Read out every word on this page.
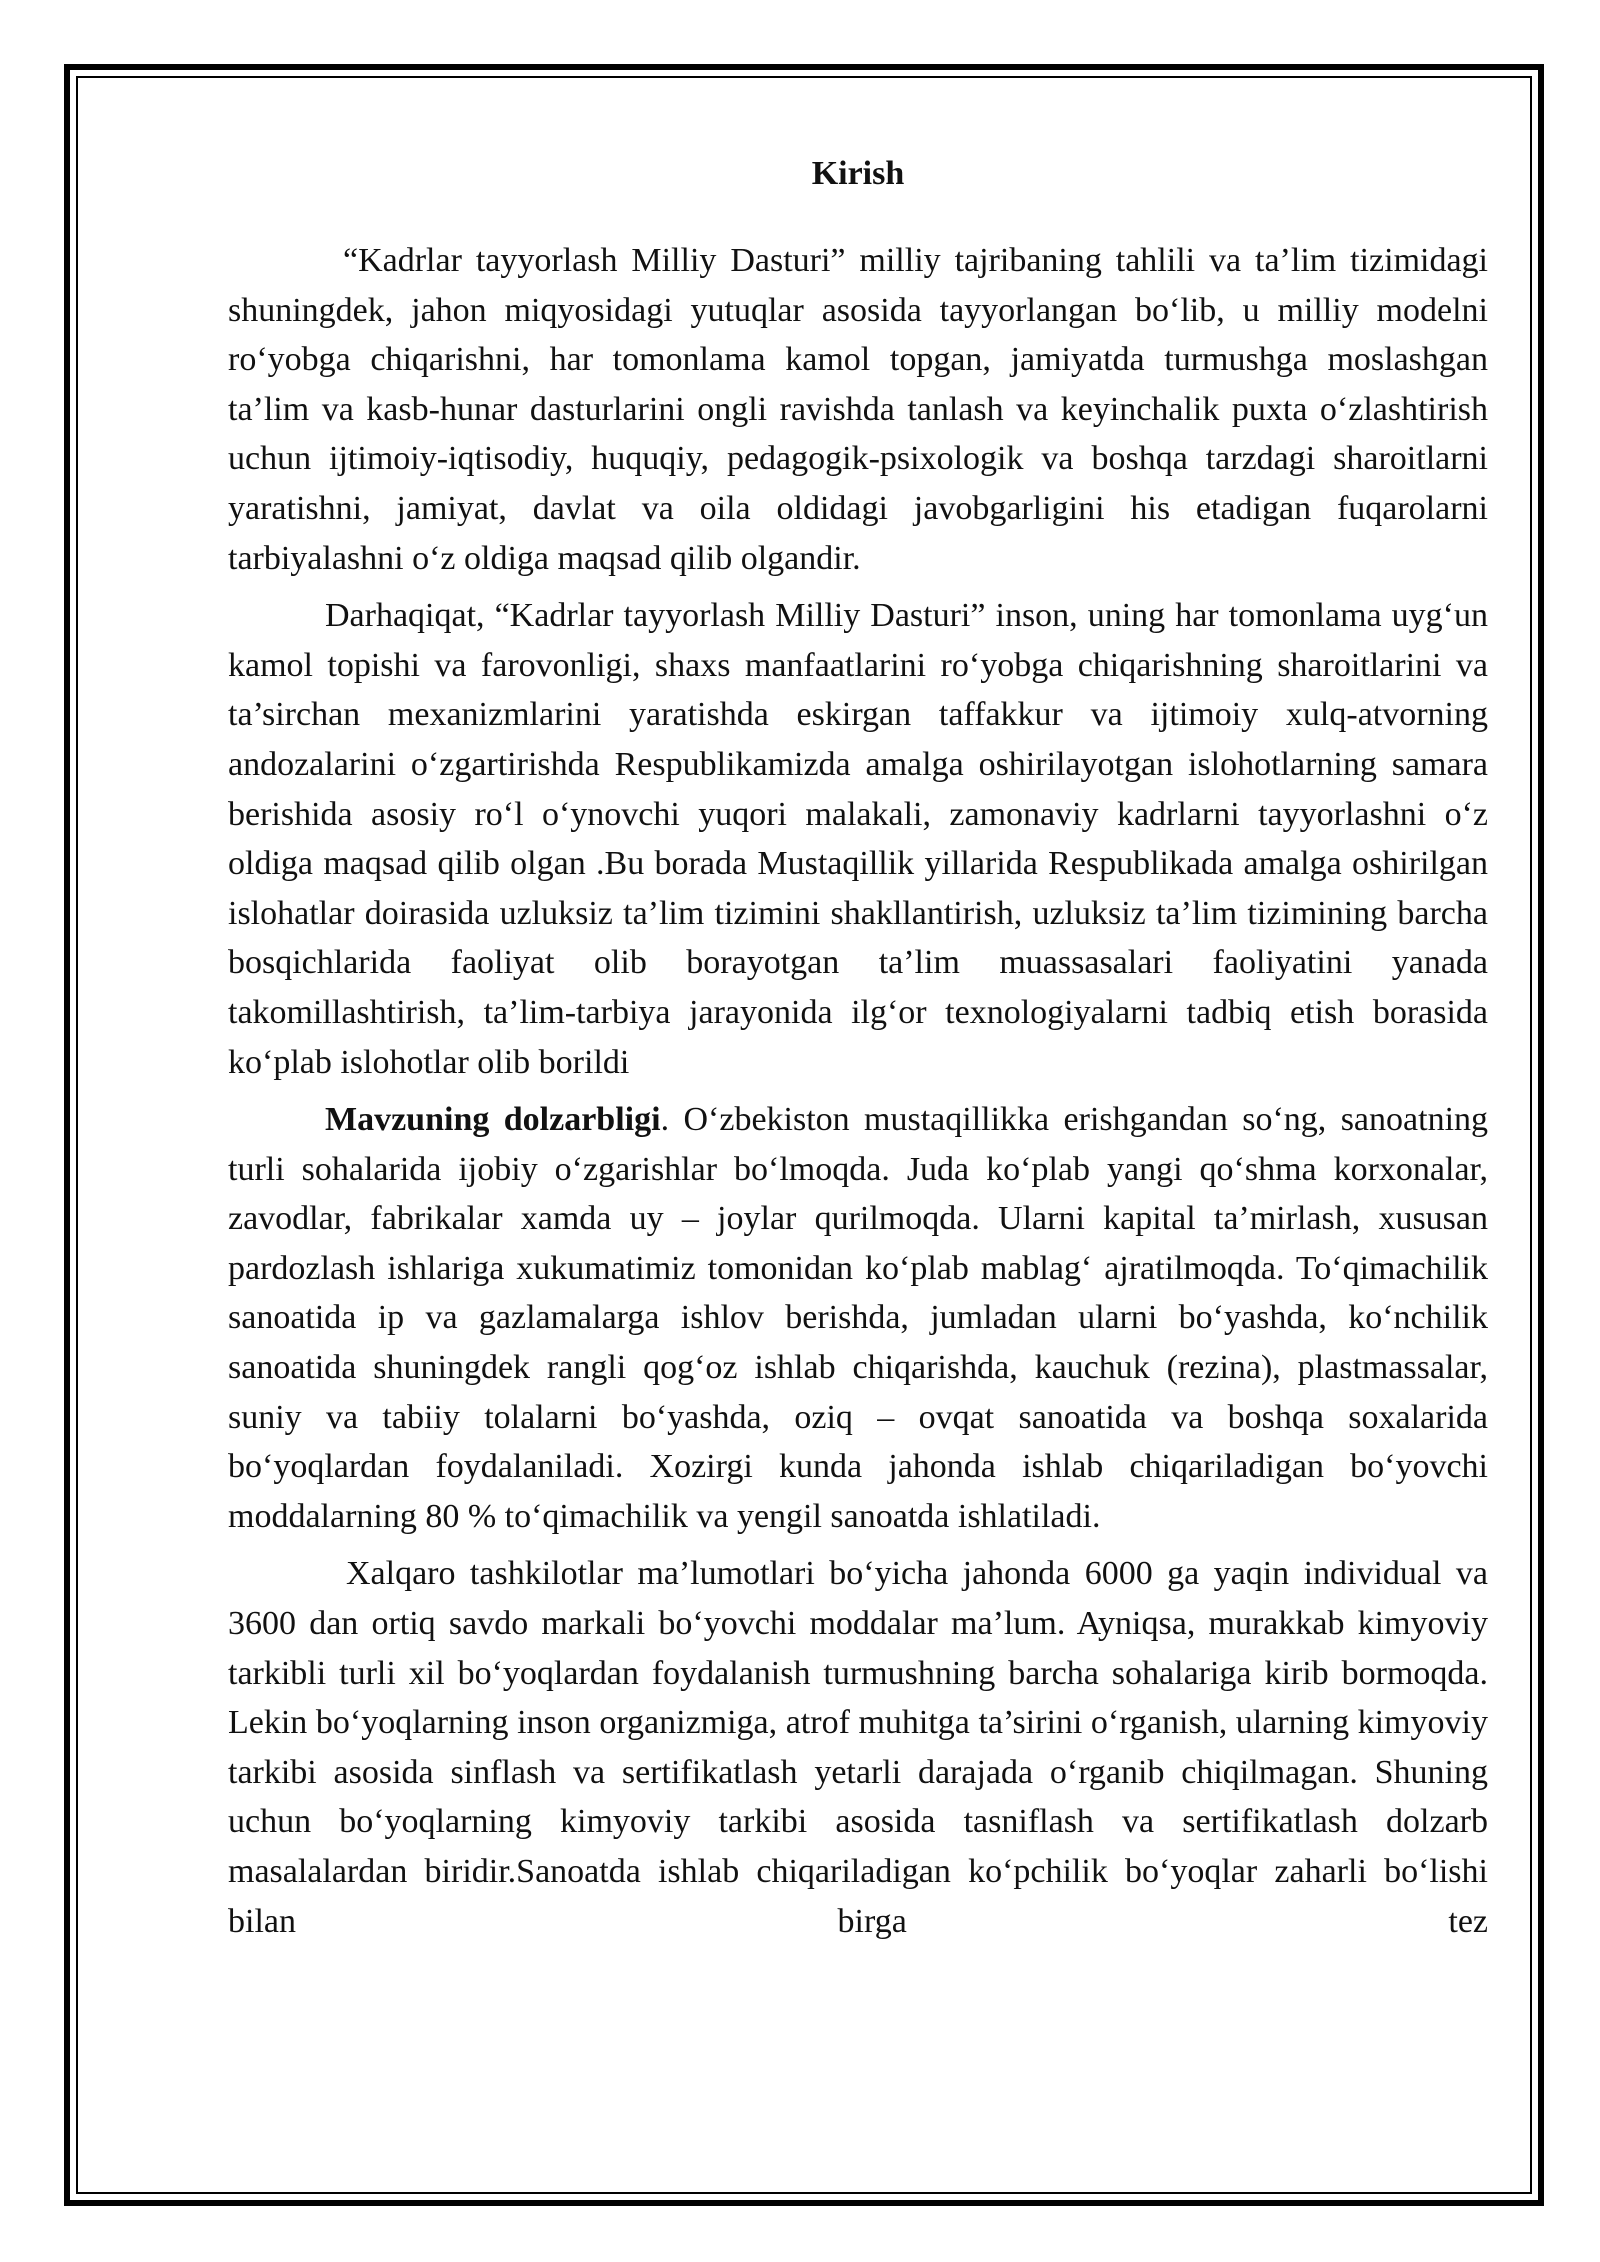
Kirish

“Kadrlar tayyorlash Milliy Dasturi” milliy tajribaning tahlili va ta’lim tizimidagi shuningdek, jahon miqyosidagi yutuqlar asosida tayyorlangan bo‘lib, u milliy modelni ro‘yobga chiqarishni, har tomonlama kamol topgan, jamiyatda turmushga moslashgan ta’lim va kasb-hunar dasturlarini ongli ravishda tanlash va keyinchalik puxta o‘zlashtirish uchun ijtimoiy-iqtisodiy, huquqiy, pedagogik-psixologik va boshqa tarzdagi sharoitlarni yaratishni, jamiyat, davlat va oila oldidagi javobgarligini his etadigan fuqarolarni tarbiyalashni o‘z oldiga maqsad qilib olgandir.

Darhaqiqat, “Kadrlar tayyorlash Milliy Dasturi” inson, uning har tomonlama uyg‘un kamol topishi va farovonligi, shaxs manfaatlarini ro‘yobga chiqarishning sharoitlarini va ta’sirchan mexanizmlarini yaratishda eskirgan taffakkur va ijtimoiy xulq-atvorning andozalarini o‘zgartirishda Respublikamizda amalga oshirilayotgan islohotlarning samara berishida asosiy ro‘l o‘ynovchi yuqori malakali, zamonaviy kadrlarni tayyorlashni o‘z oldiga maqsad qilib olgan .Bu borada Mustaqillik yillarida Respublikada amalga oshirilgan islohatlar doirasida uzluksiz ta’lim tizimini shakllantirish, uzluksiz ta’lim tizimining barcha bosqichlarida faoliyat olib borayotgan ta’lim muassasalari faoliyatini yanada takomillashtirish, ta’lim-tarbiya jarayonida ilg‘or texnologiyalarni tadbiq etish borasida ko‘plab islohotlar olib borildi

Mavzuning dolzarbligi. O‘zbekiston mustaqillikka erishgandan so‘ng, sanoatning turli sohalarida ijobiy o‘zgarishlar bo‘lmoqda. Juda ko‘plab yangi qo‘shma korxonalar, zavodlar, fabrikalar xamda uy – joylar qurilmoqda. Ularni kapital ta’mirlash, xususan pardozlash ishlariga xukumatimiz tomonidan ko‘plab mablag‘ ajratilmoqda. To‘qimachilik sanoatida ip va gazlamalarga ishlov berishda, jumladan ularni bo‘yashda, ko‘nchilik sanoatida shuningdek rangli qog‘oz ishlab chiqarishda, kauchuk (rezina), plastmassalar, suniy va tabiiy tolalarni bo‘yashda, oziq – ovqat sanoatida va boshqa soxalarida bo‘yoqlardan foydalaniladi. Xozirgi kunda jahonda ishlab chiqariladigan bo‘yovchi moddalarning 80 % to‘qimachilik va yengil sanoatda ishlatiladi.

Xalqaro tashkilotlar ma’lumotlari bo‘yicha jahonda 6000 ga yaqin individual va 3600 dan ortiq savdo markali bo‘yovchi moddalar ma’lum. Ayniqsa, murakkab kimyoviy tarkibli turli xil bo‘yoqlardan foydalanish turmushning barcha sohalariga kirib bormoqda. Lekin bo‘yoqlarning inson organizmiga, atrof muhitga ta’sirini o‘rganish, ularning kimyoviy tarkibi asosida sinflash va sertifikatlash yetarli darajada o‘rganib chiqilmagan. Shuning uchun bo‘yoqlarning kimyoviy tarkibi asosida tasniflash va sertifikatlash dolzarb masalalardan biridir.Sanoatda ishlab chiqariladigan ko‘pchilik bo‘yoqlar zaharli bo‘lishi bilan birga tez
